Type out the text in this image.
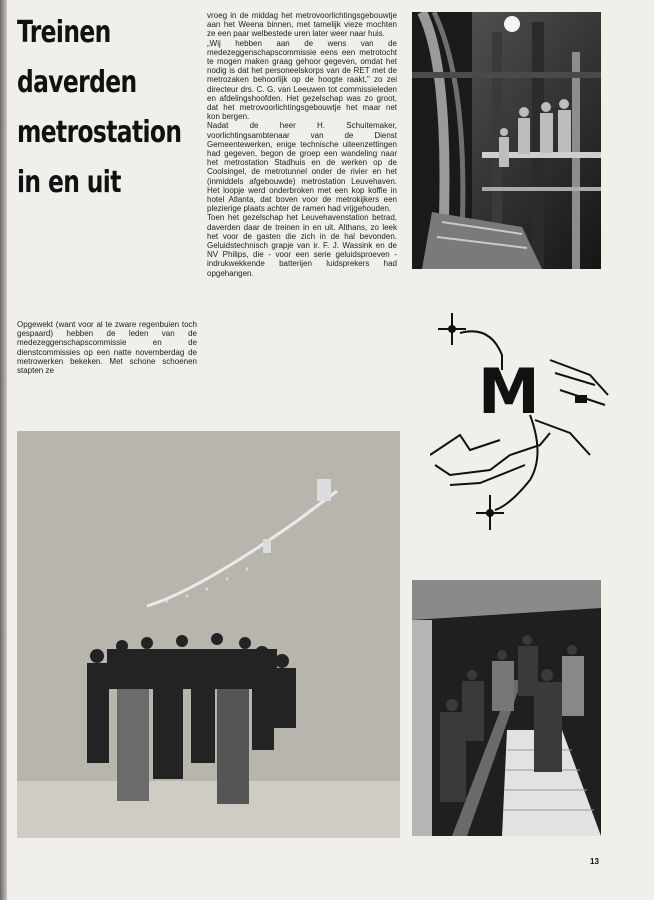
Treinen
daverden
metrostation
in en uit

Opgewekt (want voor al te zware regenbuien toch gespaard) hebben de leden van de medezeggenschapscommissie en de dienstcommissies op een natte novemberdag de metrowerken bekeken. Met schone schoenen stapten ze

vroeg in de middag het metrovoorlichtingsgebouwtje aan het Weena binnen, met tamelijk vieze mochten ze een paar welbestede uren later weer naar huis.

„Wij hebben aan de wens van de medezeggenschapscommissie eens een metrotocht te mogen maken graag gehoor gegeven, omdat het nodig is dat het personeelskorps van de RET met de metrozaken behoorlijk op de hoogte raakt,” zo zei directeur drs. C. G. van Leeuwen tot commissieleden en afdelingshoofden. Het gezelschap was zo groot, dat het metrovoorlichtingsgebouwtje het maar net kon bergen.

Nadat de heer H. Schuitemaker, voorlichtingsambtenaar van de Dienst Gemeentewerken, enige technische uiteenzettingen had gegeven, begon de groep een wandeling naar het metrostation Stadhuis en de werken op de Coolsingel, de metrotunnel onder de rivier en het (inmiddels afgebouwde) metrostation Leuvehaven. Het loopje werd onderbroken met een kop koffie in hotel Atlanta, dat boven voor de metrokijkers een plezierige plaats achter de ramen had vrijgehouden.

Toen het gezelschap het Leuvehavenstation betrad, daverden daar de treinen in en uit. Althans, zo leek het voor de gasten die zich in de hal bevonden. Geluidstechnisch grapje van ir. F. J. Wassink en de NV Philips, die - voor een serie geluidsproeven - indrukwekkende batterijen luidsprekers had opgehangen.

M
13
